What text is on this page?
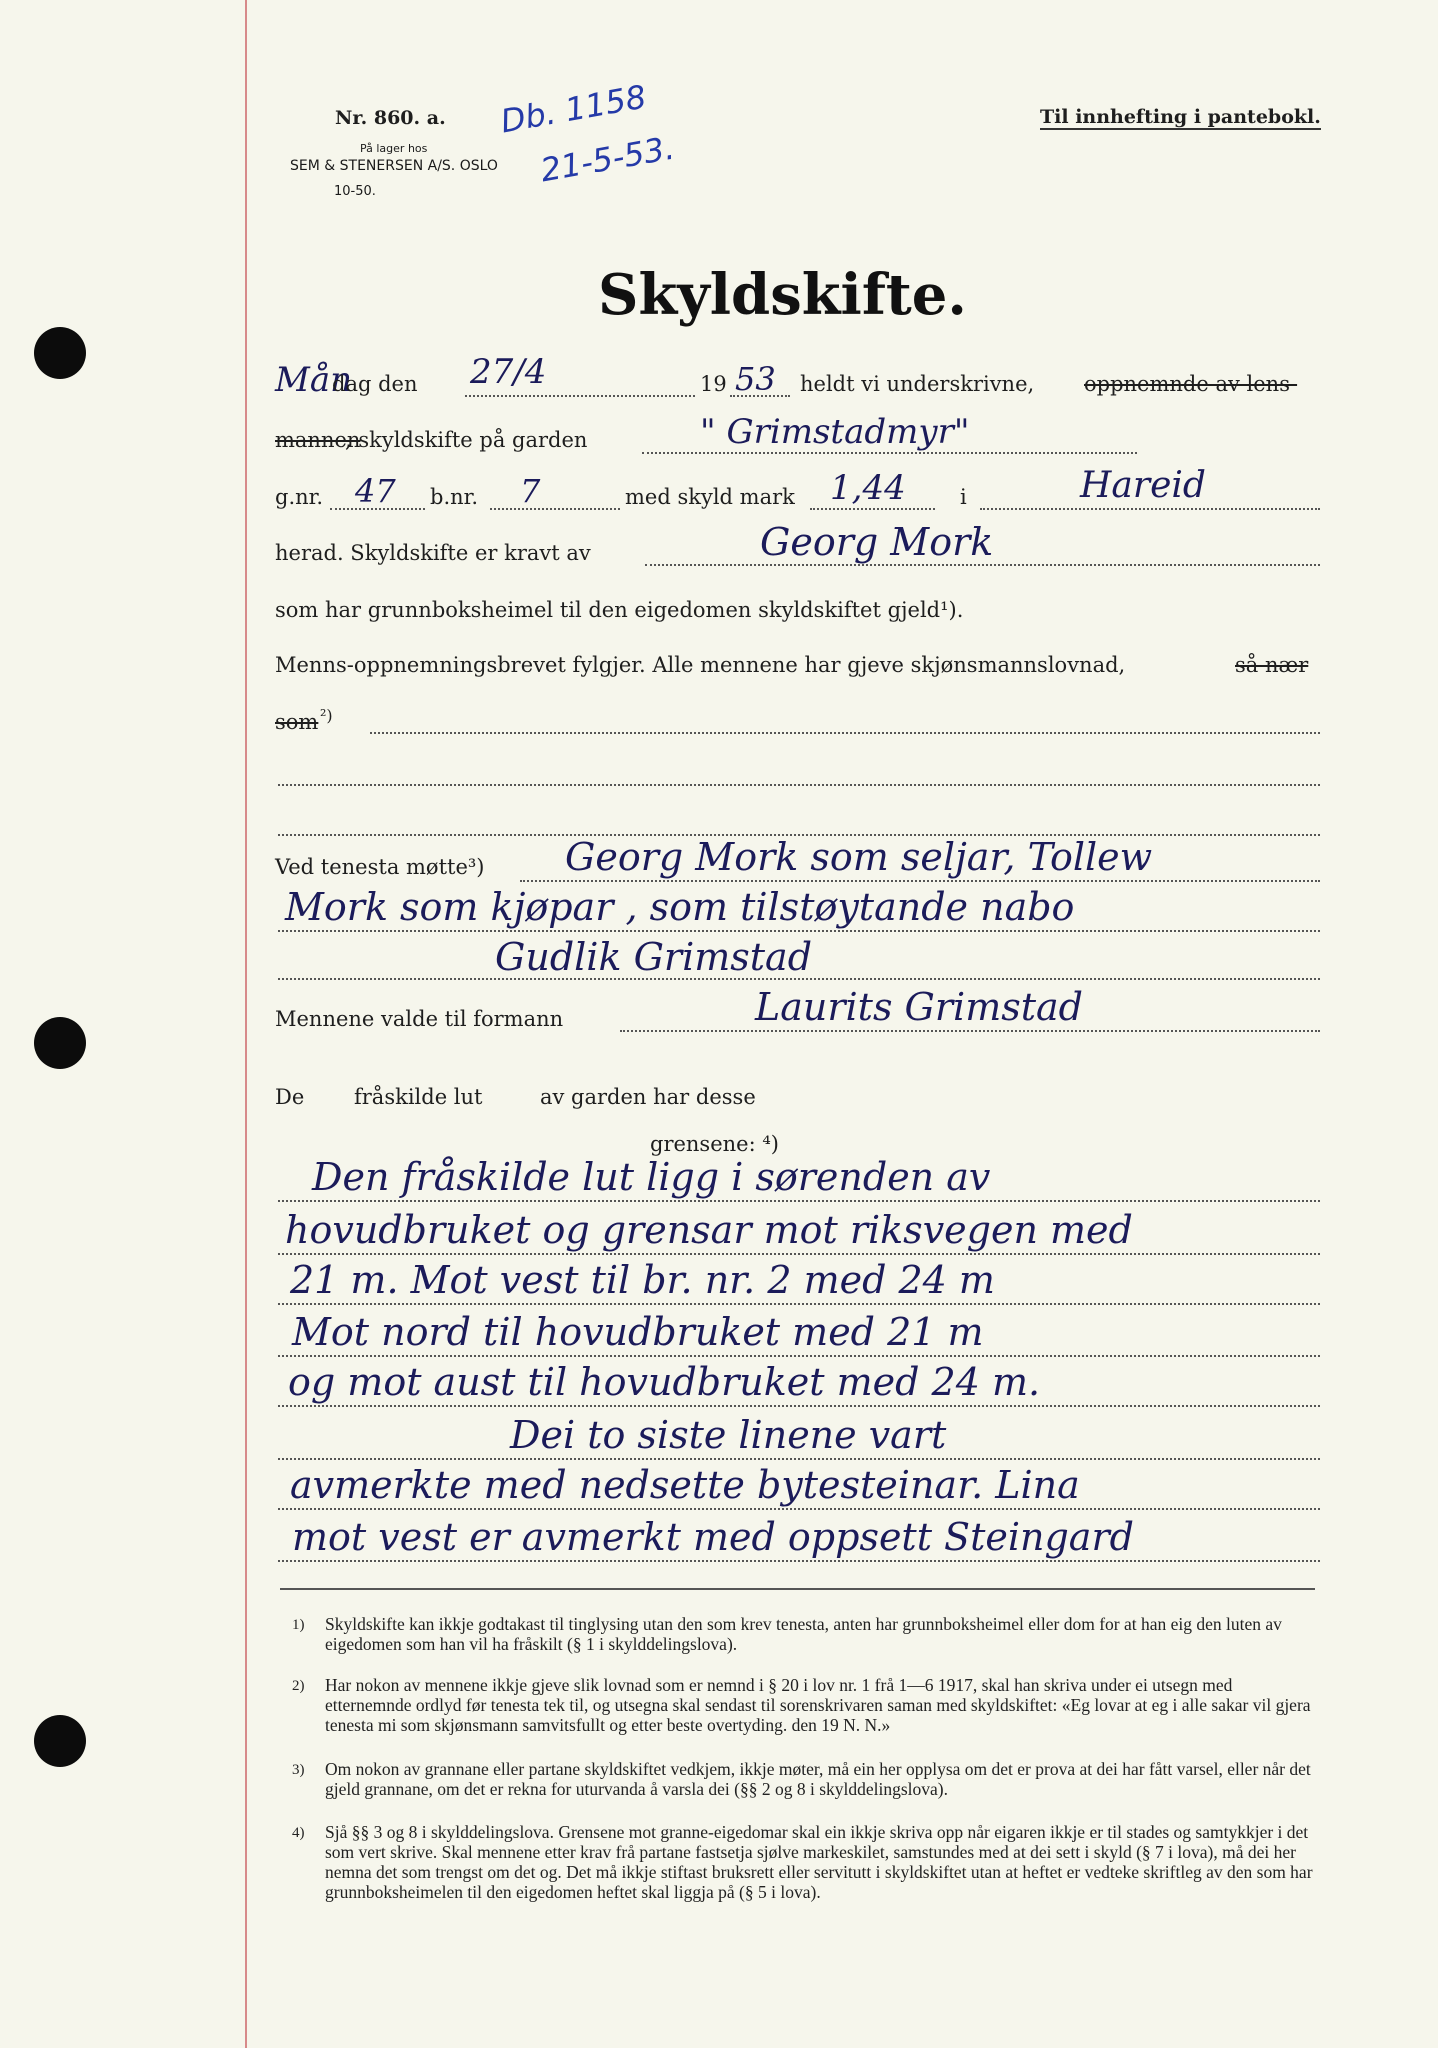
Nr. 860. a.
På lager hos
SEM & STENERSEN A/S. OSLO
10-50.
Db. 1158
21-5-53.
Til innhefting i pantebokl.
Skyldskifte.
Mån
dag den 27/4	19 53 heldt vi underskrivne, oppnemnde av lens-
mannen
, skyldskifte på garden	" Grimstadmyr"
g.nr. 47 b.nr. 7	med skyld mark 1,44	i	Hareid
herad. Skyldskifte er kravt av	Georg Mork
som har grunnboksheimel til den eigedomen skyldskiftet gjeld¹).
Menns-oppnemningsbrevet fylgjer. Alle mennene har gjeve skjønsmannslovnad,	så nær
som ²)
Ved tenesta møtte³) Georg Mork som seljar, Tollew
Mork som kjøpar , som tilstøytande nabo
Gudlik Grimstad
Mennene valde til formann	Laurits Grimstad
De fråskilde lut	av garden har desse
grensene: ⁴)
Den fråskilde lut ligg i sørenden av
hovudbruket og grensar mot riksvegen med
21 m. Mot vest til br. nr. 2 med 24 m
Mot nord til hovudbruket med 21 m
og mot aust til hovudbruket med 24 m.
Dei to siste linene vart
avmerkte med nedsette bytesteinar. Lina
mot vest er avmerkt med oppsett Steingard
1) Skyldskifte kan ikkje godtakast til tinglysing utan den som krev tenesta, anten har grunnboksheimel eller dom for at han eig den luten av eigedomen som han vil ha fråskilt (§ 1 i skylddelingslova).
2) Har nokon av mennene ikkje gjeve slik lovnad som er nemnd i § 20 i lov nr. 1 frå 1—6 1917, skal han skriva under ei utsegn med etternemnde ordlyd før tenesta tek til, og utsegna skal sendast til sorenskrivaren saman med skyldskiftet: «Eg lovar at eg i alle sakar vil gjera tenesta mi som skjønsmann samvitsfullt og etter beste overtyding. den 19 N. N.»
3) Om nokon av grannane eller partane skyldskiftet vedkjem, ikkje møter, må ein her opplysa om det er prova at dei har fått varsel, eller når det gjeld grannane, om det er rekna for uturvanda å varsla dei (§§ 2 og 8 i skylddelingslova).
4) Sjå §§ 3 og 8 i skylddelingslova. Grensene mot granne-eigedomar skal ein ikkje skriva opp når eigaren ikkje er til stades og samtykkjer i det som vert skrive. Skal mennene etter krav frå partane fastsetja sjølve markeskilet, samstundes med at dei sett i skyld (§ 7 i lova), må dei her nemna det som trengst om det og. Det må ikkje stiftast bruksrett eller servitutt i skyldskiftet utan at heftet er vedteke skriftleg av den som har grunnboksheimelen til den eigedomen heftet skal liggja på (§ 5 i lova).
